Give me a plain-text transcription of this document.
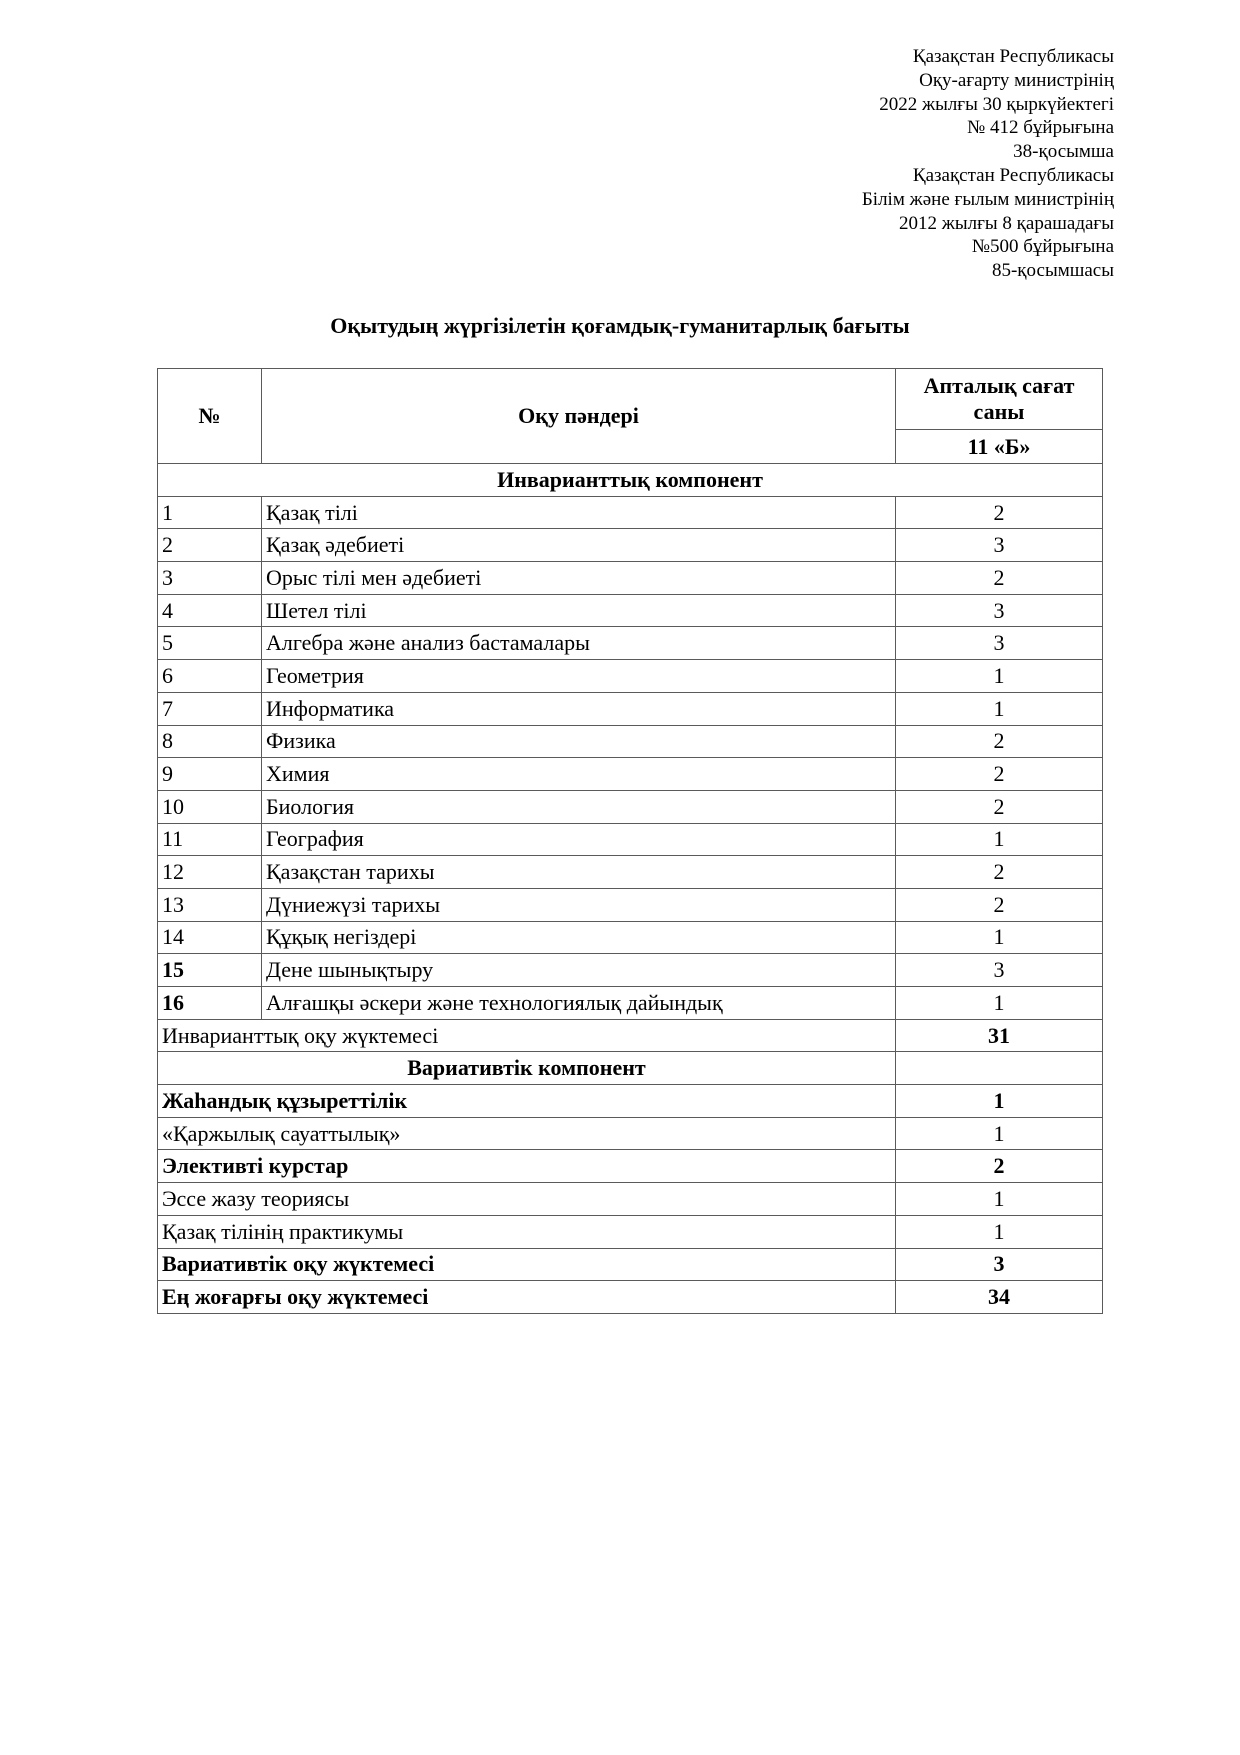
Қазақстан Республикасы
Оқу-ағарту министрінің
2022 жылғы 30 қыркүйектегі
№ 412 бұйрығына
38-қосымша
Қазақстан Республикасы
Білім және ғылым министрінің
2012 жылғы 8 қарашадағы
№500 бұйрығына
85-қосымшасы
Оқытудың жүргізілетін қоғамдық-гуманитарлық бағыты
№	Оқу пәндері	Апталық сағат саны
		11 «Б»
Инварианттық компонент		
1	Қазақ тілі	2
2	Қазақ әдебиеті	3
3	Орыс тілі мен әдебиеті	2
4	Шетел тілі	3
5	Алгебра және анализ бастамалары	3
6	Геометрия	1
7	Информатика	1
8	Физика	2
9	Химия	2
10	Биология	2
11	География	1
12	Қазақстан тарихы	2
13	Дүниежүзі тарихы	2
14	Құқық негіздері	1
15	Дене шынықтыру	3
16	Алғашқы әскери және технологиялық дайындық	1
Инварианттық оқу жүктемесі		31
Вариативтік компонент		
Жаһандық құзыреттілік		1
«Қаржылық сауаттылық»		1
Элективті курстар		2
Эссе жазу теориясы		1
Қазақ тілінің практикумы		1
Вариативтік оқу жүктемесі		3
Ең жоғарғы оқу жүктемесі		34
